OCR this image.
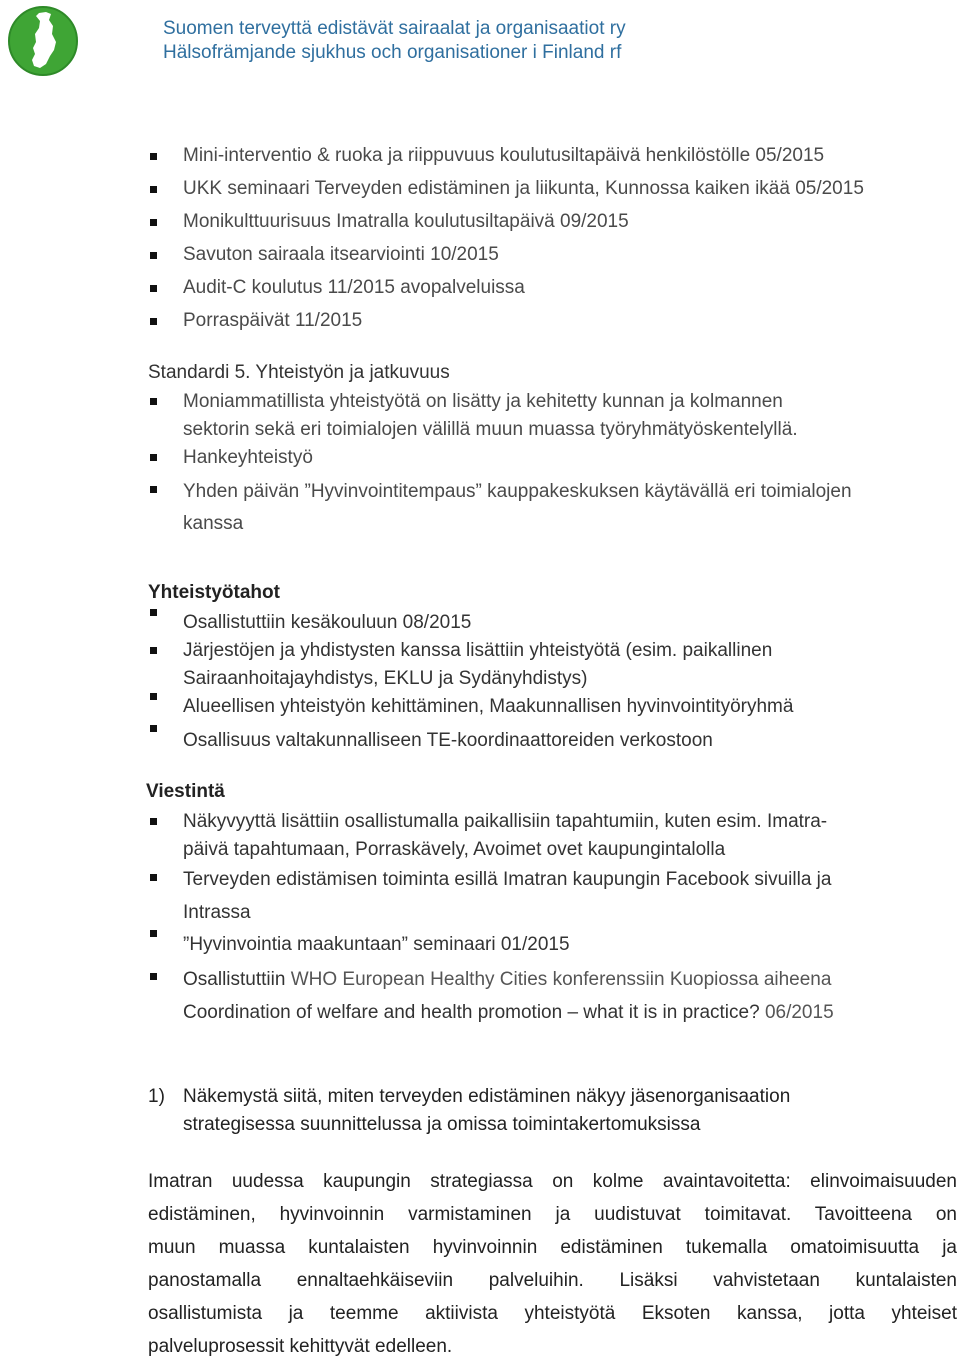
Suomen terveyttä edistävät sairaalat ja organisaatiot ry
Hälsofrämjande sjukhus och organisationer i Finland rf
Mini-interventio & ruoka ja riippuvuus koulutusiltapäivä henkilöstölle 05/2015
UKK seminaari Terveyden edistäminen ja liikunta, Kunnossa kaiken ikää 05/2015
Monikulttuurisuus Imatralla koulutusiltapäivä 09/2015
Savuton sairaala itsearviointi 10/2015
Audit-C koulutus 11/2015 avopalveluissa
Porraspäivät 11/2015
Standardi 5. Yhteistyön ja jatkuvuus
Moniammatillista yhteistyötä on lisätty ja kehitetty kunnan ja kolmannen
sektorin sekä eri toimialojen välillä muun muassa työryhmätyöskentelyllä.
Hankeyhteistyö
Yhden päivän ”Hyvinvointitempaus” kauppakeskuksen käytävällä eri toimialojen
kanssa
Yhteistyötahot
Osallistuttiin kesäkouluun 08/2015
Järjestöjen ja yhdistysten kanssa lisättiin yhteistyötä (esim. paikallinen
Sairaanhoitajayhdistys, EKLU ja Sydänyhdistys)
Alueellisen yhteistyön kehittäminen, Maakunnallisen hyvinvointityöryhmä
Osallisuus valtakunnalliseen TE-koordinaattoreiden verkostoon
Viestintä
Näkyvyyttä lisättiin osallistumalla paikallisiin tapahtumiin, kuten esim. Imatra-
päivä tapahtumaan, Porraskävely, Avoimet ovet kaupungintalolla
Terveyden edistämisen toiminta esillä Imatran kaupungin Facebook sivuilla ja
Intrassa
”Hyvinvointia maakuntaan” seminaari 01/2015
Osallistuttiin WHO European Healthy Cities konferenssiin Kuopiossa aiheena
Coordination of welfare and health promotion – what it is in practice? 06/2015
1) Näkemystä siitä, miten terveyden edistäminen näkyy jäsenorganisaation
strategisessa suunnittelussa ja omissa toimintakertomuksissa
Imatran uudessa kaupungin strategiassa on kolme avaintavoitetta: elinvoimaisuuden
edistäminen, hyvinvoinnin varmistaminen ja uudistuvat toimitavat. Tavoitteena on
muun muassa kuntalaisten hyvinvoinnin edistäminen tukemalla omatoimisuutta ja
panostamalla ennaltaehkäiseviin palveluihin. Lisäksi vahvistetaan kuntalaisten
osallistumista ja teemme aktiivista yhteistyötä Eksoten kanssa, jotta yhteiset
palveluprosessit kehittyvät edelleen.
